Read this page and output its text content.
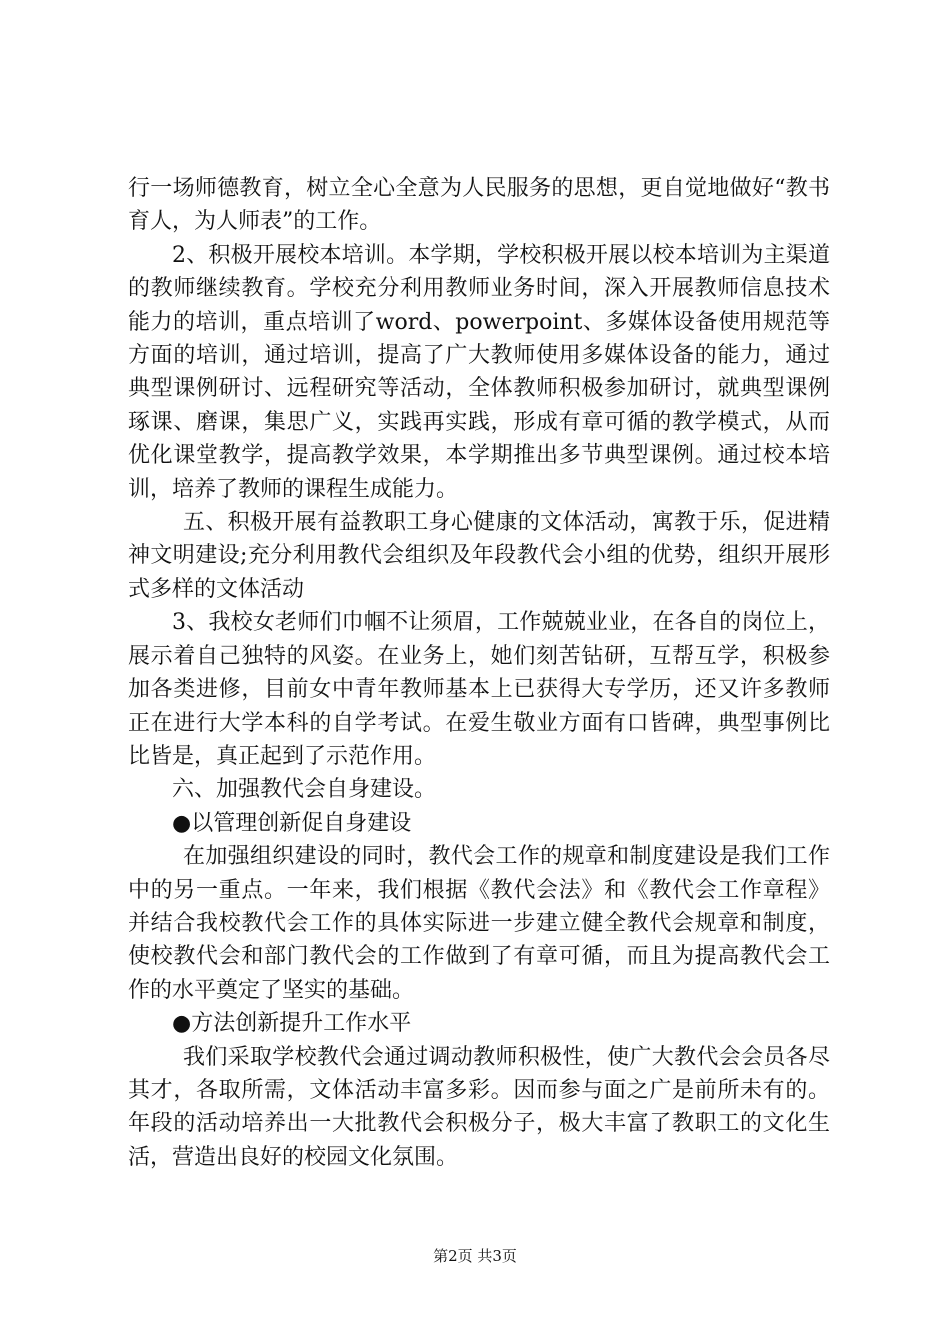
行一场师德教育，树立全心全意为人民服务的思想，更自觉地做好“教书育人，为人师表”的工作。

2、积极开展校本培训。本学期，学校积极开展以校本培训为主渠道的教师继续教育。学校充分利用教师业务时间，深入开展教师信息技术能力的培训，重点培训了word、powerpoint、多媒体设备使用规范等方面的培训，通过培训，提高了广大教师使用多媒体设备的能力，通过典型课例研讨、远程研究等活动，全体教师积极参加研讨，就典型课例琢课、磨课，集思广义，实践再实践，形成有章可循的教学模式，从而优化课堂教学，提高教学效果，本学期推出多节典型课例。通过校本培训，培养了教师的课程生成能力。

五、积极开展有益教职工身心健康的文体活动，寓教于乐，促进精神文明建设;充分利用教代会组织及年段教代会小组的优势，组织开展形式多样的文体活动

3、我校女老师们巾帼不让须眉，工作兢兢业业，在各自的岗位上，展示着自己独特的风姿。在业务上，她们刻苦钻研，互帮互学，积极参加各类进修，目前女中青年教师基本上已获得大专学历，还又许多教师正在进行大学本科的自学考试。在爱生敬业方面有口皆碑，典型事例比比皆是，真正起到了示范作用。

六、加强教代会自身建设。

●以管理创新促自身建设

在加强组织建设的同时，教代会工作的规章和制度建设是我们工作中的另一重点。一年来，我们根据《教代会法》和《教代会工作章程》并结合我校教代会工作的具体实际进一步建立健全教代会规章和制度，使校教代会和部门教代会的工作做到了有章可循，而且为提高教代会工作的水平奠定了坚实的基础。

●方法创新提升工作水平

我们采取学校教代会通过调动教师积极性，使广大教代会会员各尽其才，各取所需，文体活动丰富多彩。因而参与面之广是前所未有的。年段的活动培养出一大批教代会积极分子，极大丰富了教职工的文化生活，营造出良好的校园文化氛围。

第2页 共3页
